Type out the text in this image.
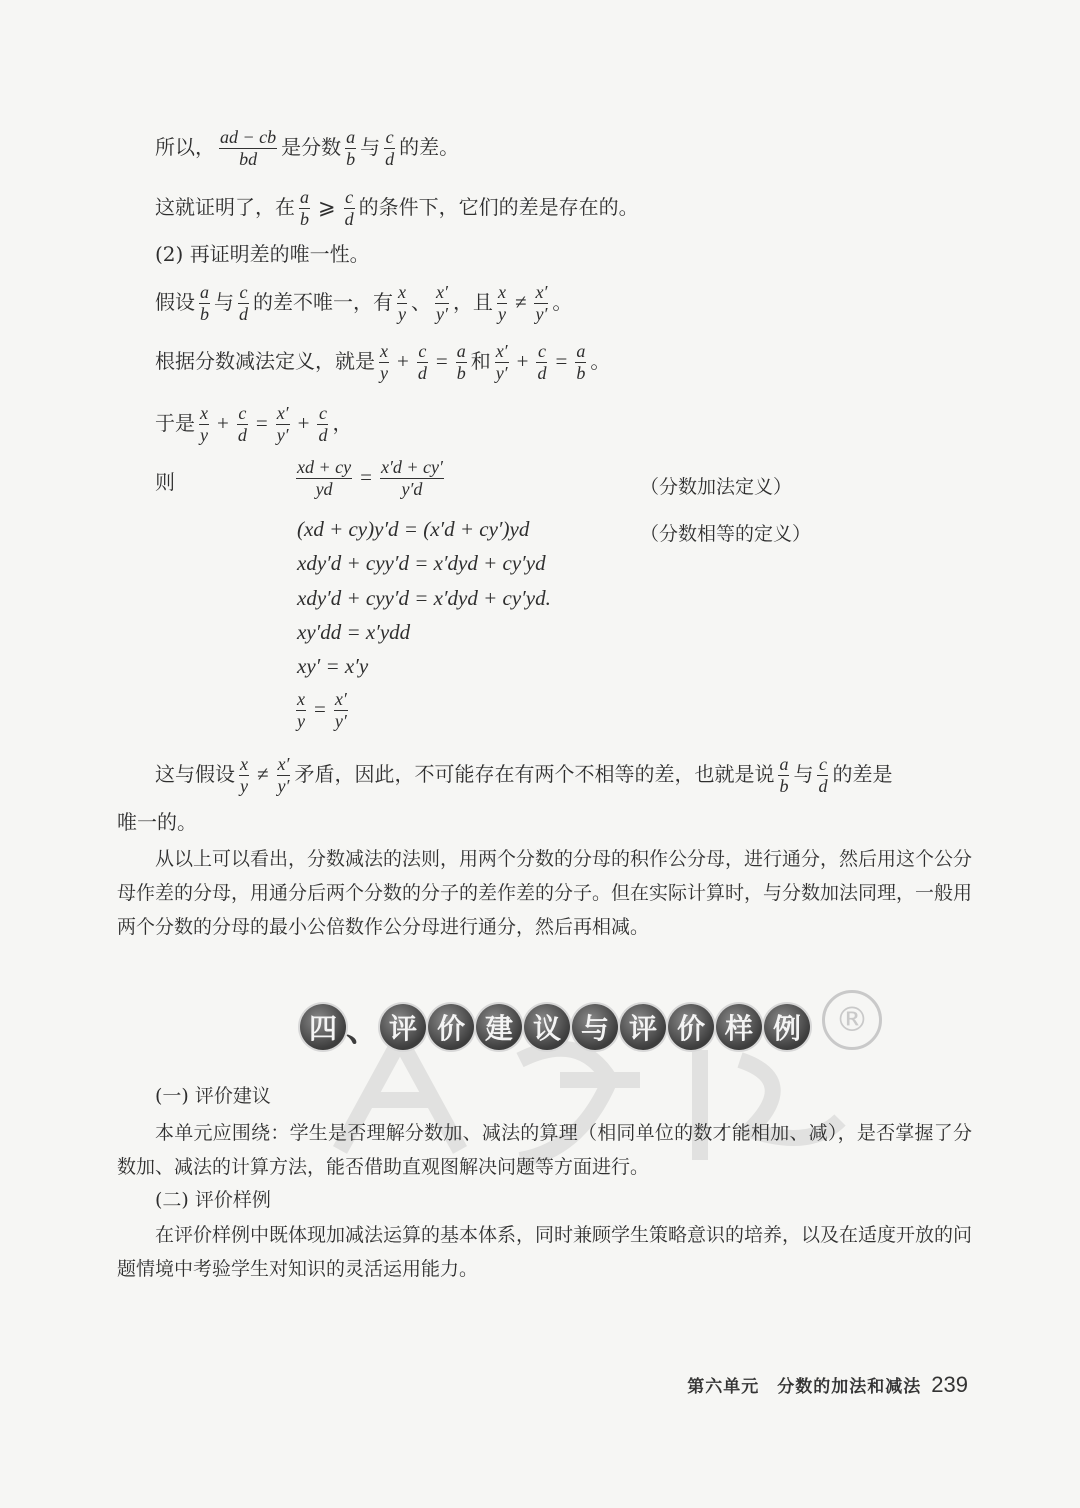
所以， $\frac{ad - cb}{bd}$ 是分数 $\frac{a}{b}$ 与 $\frac{c}{d}$ 的差。
这就证明了，在 $\frac{a}{b}$ ⩾ $\frac{c}{d}$ 的条件下，它们的差是存在的。
(2) 再证明差的唯一性。
假设 $\frac{a}{b}$ 与 $\frac{c}{d}$ 的差不唯一，有 $\frac{x}{y}$ 、 $\frac{x'}{y'}$ ，且 $\frac{x}{y} \ne \frac{x'}{y'}$ 。
根据分数减法定义，就是 $\frac{x}{y} + \frac{c}{d} = \frac{a}{b}$ 和 $\frac{x'}{y'} + \frac{c}{d} = \frac{a}{b}$ 。
于是 $\frac{x}{y} + \frac{c}{d} = \frac{x'}{y'} + \frac{c}{d}$ ，
则	$\frac{xd + cy}{yd} = \frac{x'd + cy'}{y'd}$	（分数加法定义）
(xd + cy)y′d = (x′d + cy′)yd	（分数相等的定义）
xdy′d + cyy′d = x′dyd + cy′yd
xdy′d + cyy′d = x′dyd + cy′yd.
xy′dd = x′ydd
xy′ = x′y
$\frac{x}{y} = \frac{x'}{y'}$
这与假设 $\frac{x}{y} \ne \frac{x'}{y'}$ 矛盾，因此，不可能存在有两个不相等的差，也就是说 $\frac{a}{b}$ 与 $\frac{c}{d}$ 的差是
唯一的。
从以上可以看出，分数减法的法则，用两个分数的分母的积作公分母，进行通分，然后用这个公分母作差的分母，用通分后两个分数的分子的差作差的分子。但在实际计算时，与分数加法同理，一般用两个分数的分母的最小公倍数作公分母进行通分，然后再相减。
®
四 、 评 价 建 议 与 评 价 样 例
(一) 评价建议
本单元应围绕：学生是否理解分数加、减法的算理（相同单位的数才能相加、减），是否掌握了分数加、减法的计算方法，能否借助直观图解决问题等方面进行。
(二) 评价样例
在评价样例中既体现加减法运算的基本体系，同时兼顾学生策略意识的培养，以及在适度开放的问题情境中考验学生对知识的灵活运用能力。
第六单元　分数的加法和减法 239
